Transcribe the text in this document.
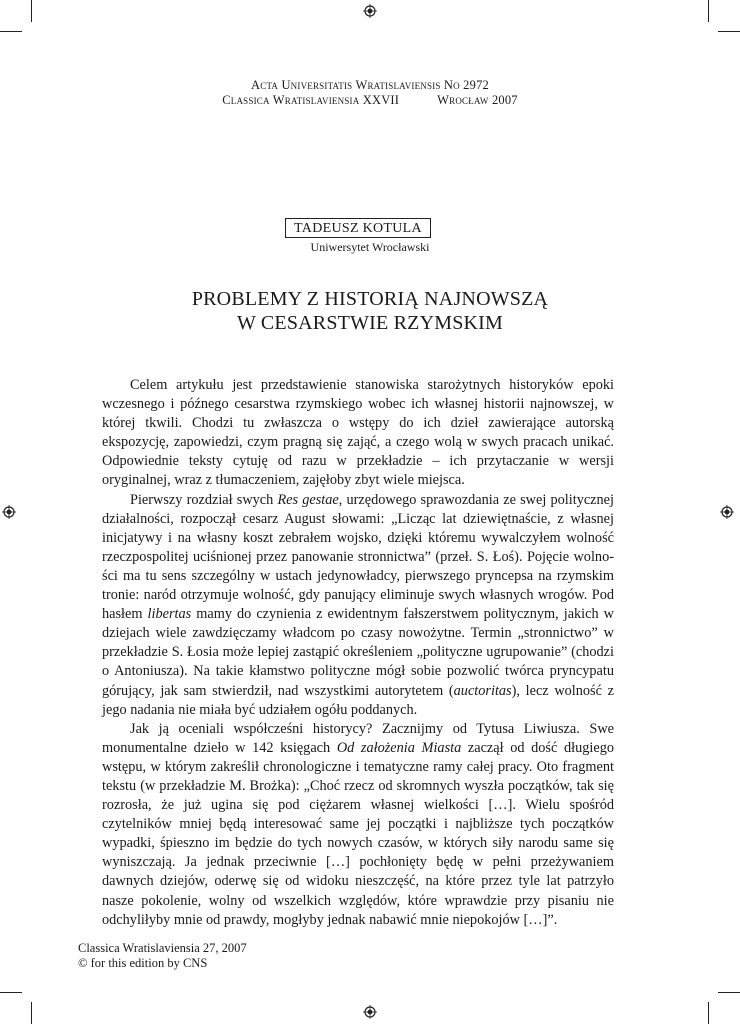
Acta Universitatis Wratislaviensis No 2972
Classica Wratislaviensia XXVII	Wrocław 2007
TADEUSZ KOTULA
Uniwersytet Wrocławski
PROBLEMY Z HISTORIĄ NAJNOWSZĄ
W CESARSTWIE RZYMSKIM

Celem artykułu jest przedstawienie stanowiska starożytnych historyków epoki wczesnego i późnego cesarstwa rzymskiego wobec ich własnej historii najnowszej, w której tkwili. Chodzi tu zwłaszcza o wstępy do ich dzieł zawierające autorską ekspozycję, zapowiedzi, czym pragną się zająć, a czego wolą w swych pracach unikać. Odpowiednie teksty cytuję od razu w przekładzie – ich przytaczanie w wersji oryginalnej, wraz z tłumaczeniem, zajęłoby zbyt wiele miejsca.

Pierwszy rozdział swych Res gestae, urzędowego sprawozdania ze swej politycznej działalności, rozpoczął cesarz August słowami: „Licząc lat dziewiętnaście, z własnej inicjatywy i na własny koszt zebrałem wojsko, dzięki któremu wywalczyłem wolność rzeczpospolitej uciśnionej przez panowanie stronnictwa” (przeł. S. Łoś). Pojęcie wolności ma tu sens szczególny w ustach jedynowładcy, pierwszego pryncepsa na rzymskim tronie: naród otrzymuje wolność, gdy panujący eliminuje swych własnych wrogów. Pod hasłem libertas mamy do czynienia z ewidentnym fałszerstwem politycznym, jakich w dziejach wiele zawdzięczamy władcom po czasy nowożytne. Termin „stronnictwo” w przekładzie S. Łosia może lepiej zastąpić określeniem „polityczne ugrupowanie” (chodzi o Antoniusza). Na takie kłamstwo polityczne mógł sobie pozwolić twórca pryncypatu górujący, jak sam stwierdził, nad wszystkimi autorytetem (auctoritas), lecz wolność z jego nadania nie miała być udziałem ogółu poddanych.

Jak ją oceniali współcześni historycy? Zacznijmy od Tytusa Liwiusza. Swe monumentalne dzieło w 142 księgach Od założenia Miasta zaczął od dość długiego wstępu, w którym zakreślił chronologiczne i tematyczne ramy całej pracy. Oto fragment tekstu (w przekładzie M. Brożka): „Choć rzecz od skromnych wyszła początków, tak się rozrosła, że już ugina się pod ciężarem własnej wielkości […]. Wielu spośród czytelników mniej będą interesować same jej początki i najbliższe tych początków wypadki, śpieszno im będzie do tych nowych czasów, w których siły narodu same się wyniszczają. Ja jednak przeciwnie […] pochłonięty będę w pełni przeżywaniem dawnych dziejów, oderwę się od widoku nieszczęść, na które przez tyle lat patrzyło nasze pokolenie, wolny od wszelkich względów, które wprawdzie przy pisaniu nie odchyliłyby mnie od prawdy, mogłyby jednak nabawić mnie niepokojów […]”.

Classica Wratislaviensia 27, 2007
© for this edition by CNS
